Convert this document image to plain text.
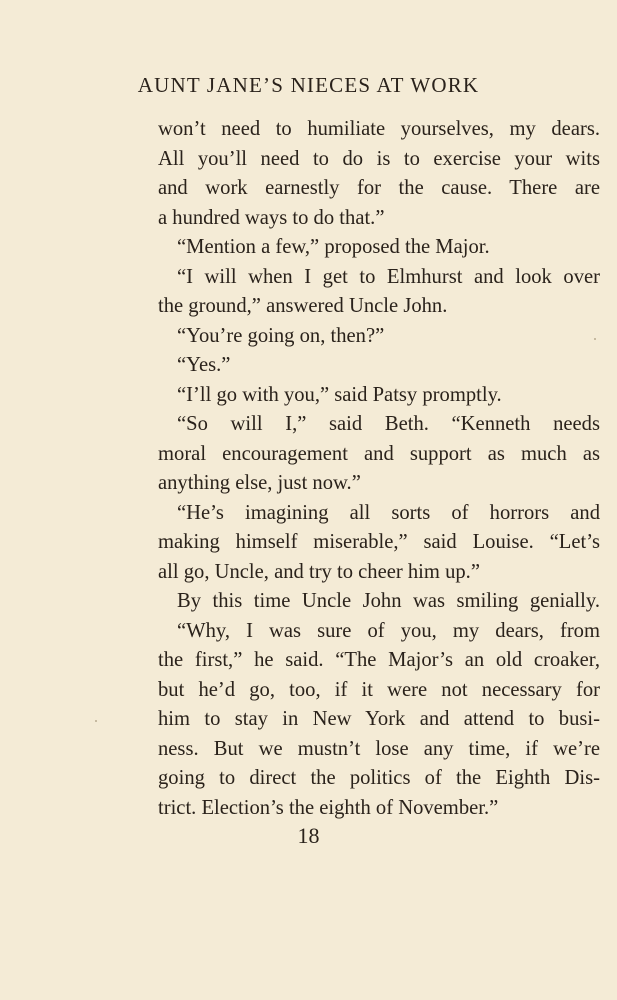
AUNT JANE’S NIECES AT WORK
won’t need to humiliate yourselves, my dears.
All you’ll need to do is to exercise your wits
and work earnestly for the cause. There are
a hundred ways to do that.”
“Mention a few,” proposed the Major.
“I will when I get to Elmhurst and look over
the ground,” answered Uncle John.
“You’re going on, then?”
“Yes.”
“I’ll go with you,” said Patsy promptly.
“So will I,” said Beth. “Kenneth needs
moral encouragement and support as much as
anything else, just now.”
“He’s imagining all sorts of horrors and
making himself miserable,” said Louise. “Let’s
all go, Uncle, and try to cheer him up.”
By this time Uncle John was smiling genially.
“Why, I was sure of you, my dears, from
the first,” he said. “The Major’s an old croaker,
but he’d go, too, if it were not necessary for
him to stay in New York and attend to busi-
ness. But we mustn’t lose any time, if we’re
going to direct the politics of the Eighth Dis-
trict. Election’s the eighth of November.”
18
